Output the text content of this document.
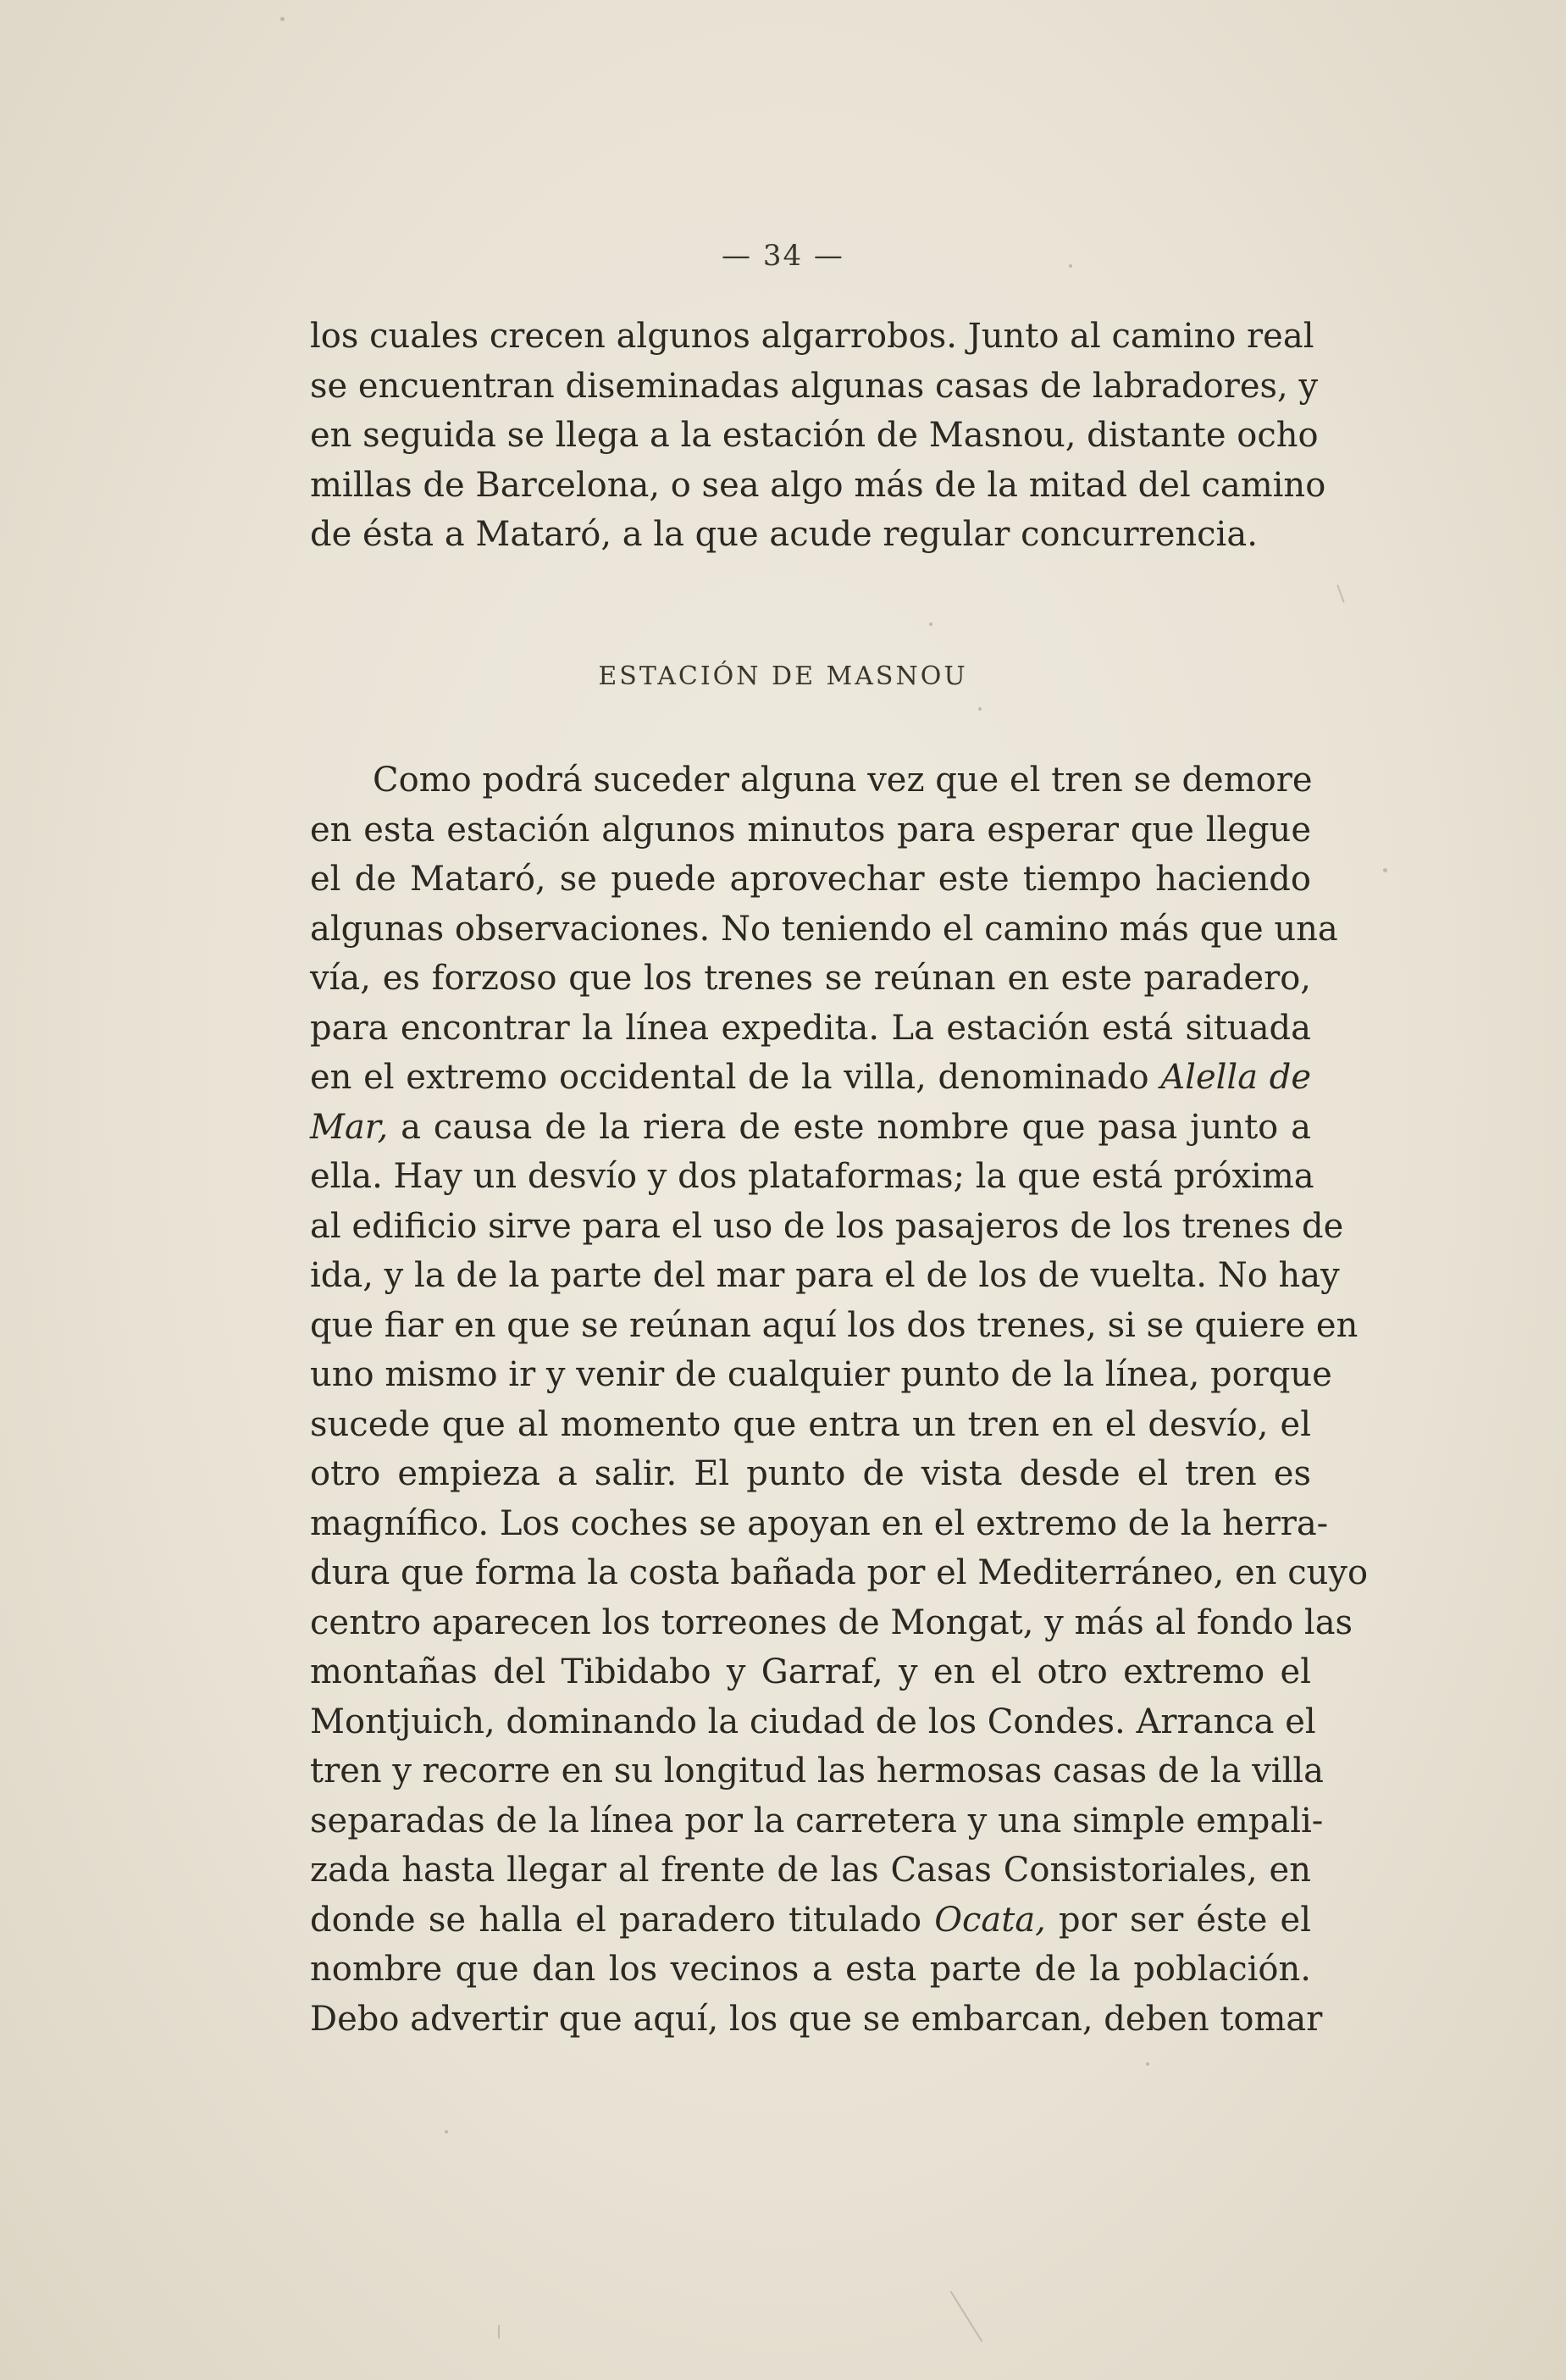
— 34 —
los cuales crecen algunos algarrobos. Junto al camino real
se encuentran diseminadas algunas casas de labradores, y
en seguida se llega a la estación de Masnou, distante ocho
millas de Barcelona, o sea algo más de la mitad del camino
de ésta a Mataró, a la que acude regular concurrencia.
ESTACIÓN DE MASNOU
Como podrá suceder alguna vez que el tren se demore
en esta estación algunos minutos para esperar que llegue
el de Mataró, se puede aprovechar este tiempo haciendo
algunas observaciones. No teniendo el camino más que una
vía, es forzoso que los trenes se reúnan en este paradero,
para encontrar la línea expedita. La estación está situada
en el extremo occidental de la villa, denominado Alella de
Mar, a causa de la riera de este nombre que pasa junto a
ella. Hay un desvío y dos plataformas; la que está próxima
al edificio sirve para el uso de los pasajeros de los trenes de
ida, y la de la parte del mar para el de los de vuelta. No hay
que fiar en que se reúnan aquí los dos trenes, si se quiere en
uno mismo ir y venir de cualquier punto de la línea, porque
sucede que al momento que entra un tren en el desvío, el
otro empieza a salir. El punto de vista desde el tren es
magnífico. Los coches se apoyan en el extremo de la herra-
dura que forma la costa bañada por el Mediterráneo, en cuyo
centro aparecen los torreones de Mongat, y más al fondo las
montañas del Tibidabo y Garraf, y en el otro extremo el
Montjuich, dominando la ciudad de los Condes. Arranca el
tren y recorre en su longitud las hermosas casas de la villa
separadas de la línea por la carretera y una simple empali-
zada hasta llegar al frente de las Casas Consistoriales, en
donde se halla el paradero titulado Ocata, por ser éste el
nombre que dan los vecinos a esta parte de la población.
Debo advertir que aquí, los que se embarcan, deben tomar
